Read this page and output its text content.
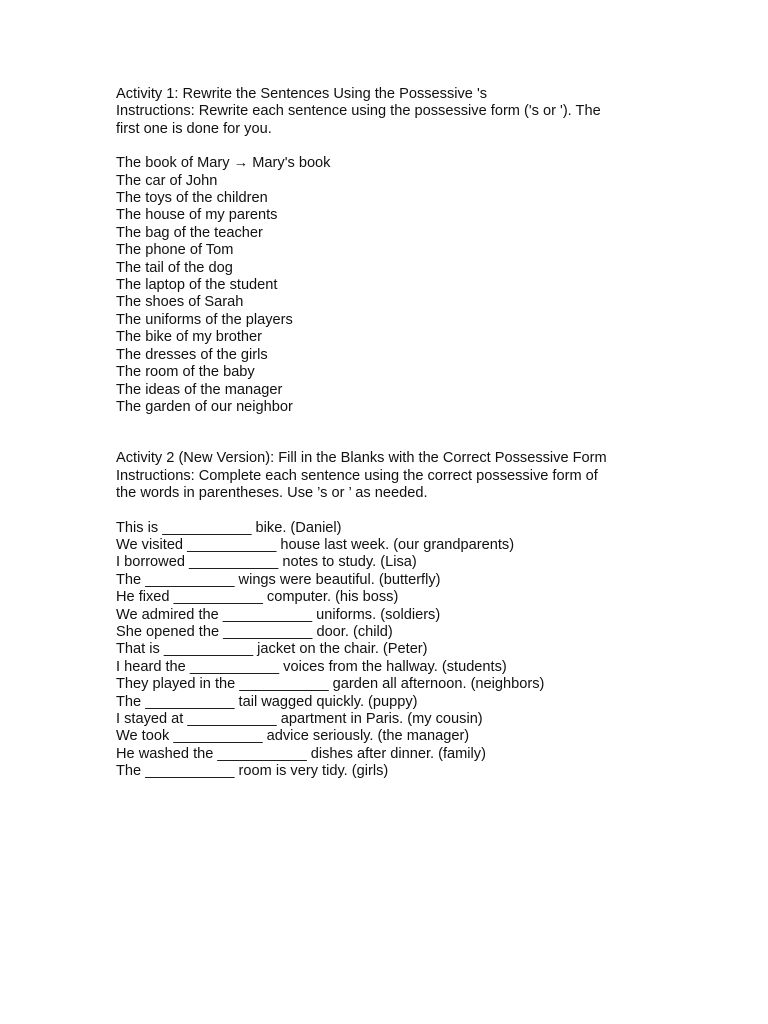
Activity 1: Rewrite the Sentences Using the Possessive 's

Instructions: Rewrite each sentence using the possessive form ('s or '). The

first one is done for you.

The book of Mary → Mary's book

The car of John

The toys of the children

The house of my parents

The bag of the teacher

The phone of Tom

The tail of the dog

The laptop of the student

The shoes of Sarah

The uniforms of the players

The bike of my brother

The dresses of the girls

The room of the baby

The ideas of the manager

The garden of our neighbor

Activity 2 (New Version): Fill in the Blanks with the Correct Possessive Form

Instructions: Complete each sentence using the correct possessive form of

the words in parentheses. Use ’s or ’ as needed.

This is ___________ bike. (Daniel)

We visited ___________ house last week. (our grandparents)

I borrowed ___________ notes to study. (Lisa)

The ___________ wings were beautiful. (butterfly)

He fixed ___________ computer. (his boss)

We admired the ___________ uniforms. (soldiers)

She opened the ___________ door. (child)

That is ___________ jacket on the chair. (Peter)

I heard the ___________ voices from the hallway. (students)

They played in the ___________ garden all afternoon. (neighbors)

The ___________ tail wagged quickly. (puppy)

I stayed at ___________ apartment in Paris. (my cousin)

We took ___________ advice seriously. (the manager)

He washed the ___________ dishes after dinner. (family)

The ___________ room is very tidy. (girls)
